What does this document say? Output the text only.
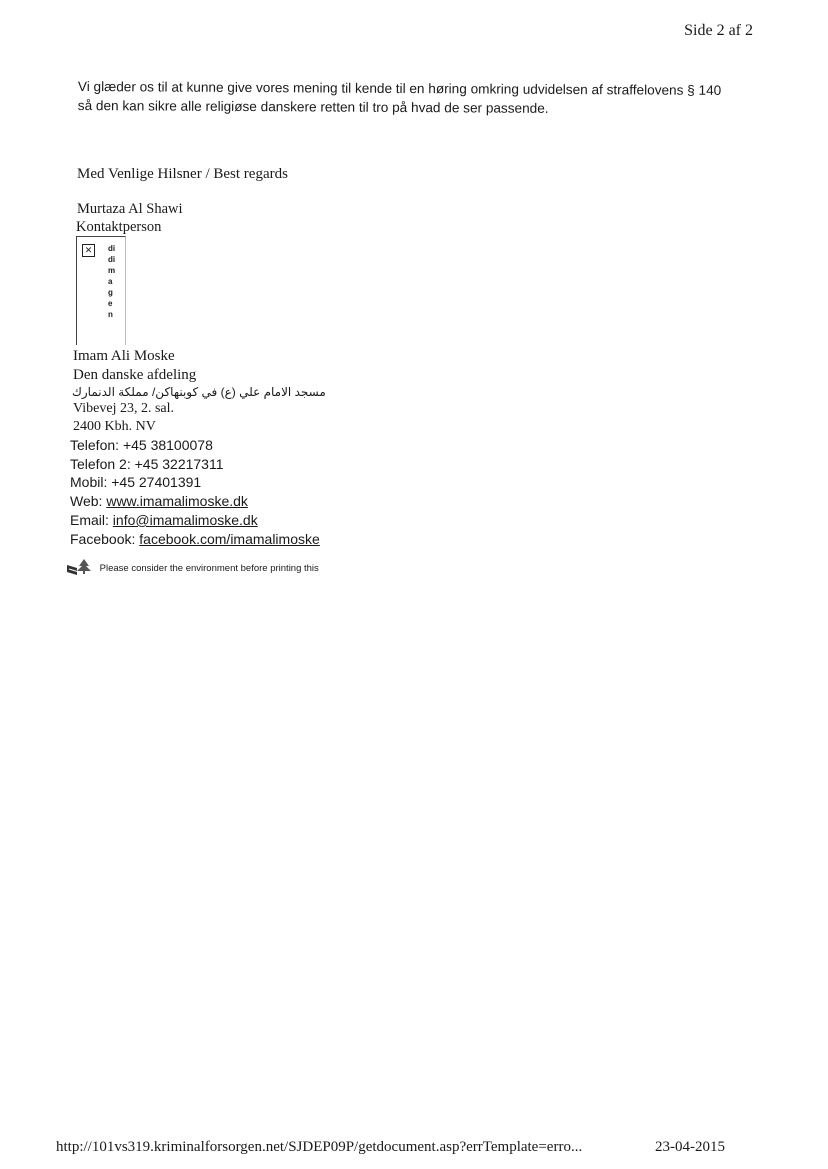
Side 2 af 2
Vi glæder os til at kunne give vores mening til kende til en høring omkring udvidelsen af straffelovens § 140
så den kan sikre alle religiøse danskere retten til tro på hvad de ser passende.
Med Venlige Hilsner / Best regards
Murtaza Al Shawi
Kontaktperson
✕	didimagen
Imam Ali Moske
Den danske afdeling
مسجد الامام علي (ع) في كوبنهاكن/ مملكة الدنمارك
Vibevej 23, 2. sal.
2400 Kbh. NV
Telefon: +45 38100078
Telefon 2: +45 32217311
Mobil: +45 27401391
Web: www.imamalimoske.dk
Email: info@imamalimoske.dk
Facebook: facebook.com/imamalimoske
Please consider the environment before printing this
http://101vs319.kriminalforsorgen.net/SJDEP09P/getdocument.asp?errTemplate=erro...	23-04-2015
